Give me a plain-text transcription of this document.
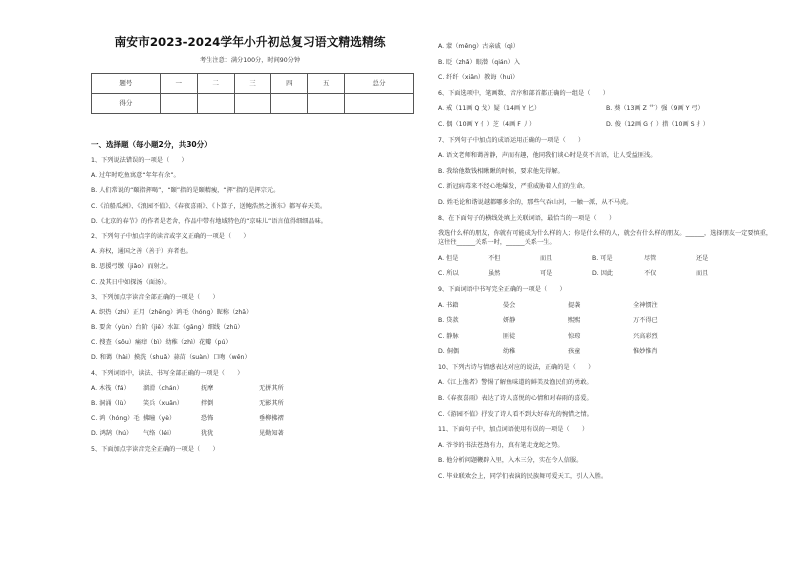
南安市2023-2024学年小升初总复习语文精选精练
考生注意：满分100分，时间90分钟
题号	一	二	三	四	五	总分
得分						
一、选择题（每小题2分，共30分）
1、下列说法错误的一项是（　　）
A. 过年时吃鱼寓意“年年有余”。
B. 人们常说的“颐指挥喝”，“颐”指的是颐精瘦，“挥”指的是挥宗元。
C.《泊船瓜洲》、《浪园不值》、《春夜喜雨》、《卜算子，送鲍浩然之浙东》都写春天美。
D.《北京的春节》的作者是老舍，作品中带有地域特色的“京味儿”语言值得细细品味。
2、下列句子中加点字的读音或字义正确的一项是（　　）
A. 弃权，通国之善（善于）弃者也。
B. 思援弓缴（jiǎo）而射之。
C. 及其日中如探汤（面汤）。
3、下列加点字读音全部正确的一项是（　　）
A. 织热（zhì）正月（zhēng）鸿毛（hóng）昵称（zhā）
B. 要舍（yùn）台阶（jiē）水缸（gāng）细线（zhū）
C. 搜查（sōu）痛痒（bì）幼稚（zhì）花瓣（pú）
D. 和蔼（hài）摸洗（shuǎ）蒜苗（suàn）口吻（wěn）
4、下列词语中，读法、书写全部正确的一项是（　　）
A. 木筏（fá）	溜滑（chán）	抚摩	无拼其所
B. 洞涌（lù）	笑兵（xuān）	拌倒	无影其所
C. 鸿（hóng）毛 拂瞳（yè）	恐怖	垂柳拂褶
D. 鸿鹄（hú）	气络（léi）	犹犹	见勤知著
5、下面加点字读音完全正确的一项是（　　）
A. 蒙（měng）古亲戚（qì）
B. 眨（zhǎ）眼潜（qián）入
C. 纤纤（xiān）教诲（huì）
6、下面选项中，笔画数、音序和部首都正确的一组是（　　）
A. 戒（11画 Q 戈）疑（14画 Y 匕）	B. 葵（13画 Z 艹）强（9画 Y 弓）
C. 偶（10画 Y 亻）芝（4画 F 丿）	D. 俊（12画 G 亻）措（10画 S 扌）
7、下列句子中加点的成语运用正确的一项是（　　）
A. 语文老师和蔼善静，声而有趣，他同我们谈心时是莫不言语，让人受益匪浅。
B. 我给他数钱相瞅瞅的时候，要求他先得解。
C. 新冠病毒来不经心地爆发，严重威胁着人们的生命。
D. 姓毛论和谐说越都哪多余的，那些气吞山河，一触一派，从不马虎。
8、在下面句子的横线处填上关联词语，最恰当的一项是（　　）
我选什么样的朋友，你就有可能成为什么样的人；你是什么样的人，就会有什么样的朋友。______，选择朋友一定要慎重，这往往______关系一时，______关系一生。
A. 但是	不但	而且	B. 可是	尽管	还是
C. 所以	虽然	可是	D. 因此	不仅	而且
9、下面词语中书写完全正确的一项是（　　）
A. 书籍	晏会	提袭	全神惯注
B. 贷款	妍静	熙熙	万不得已
C. 静脉	匪徒	惊琼	兴高彩烈
D. 侗偶	幼稚	孩童	惟妙惟肖
10、下列古诗与情感表达对应的说法，正确的是（　　）
A.《江上渔者》警惕了解鱼味道的鲜美及渔民们的勇敢。
B.《春夜喜雨》表达了诗人喜悦的心情和对春雨的喜爱。
C.《游园不值》抒发了诗人看不到大好春光的惋惜之情。
11、下面句子中，加点词语使用有误的一项是（　　）
A. 爷爷的书法苍劲有力，真有笔走龙蛇之势。
B. 他分析问题鞭辟入里，入木三分，实在令人信服。
C. 毕业联欢会上，同学们表演的民族舞可爱天工，引人入胜。
